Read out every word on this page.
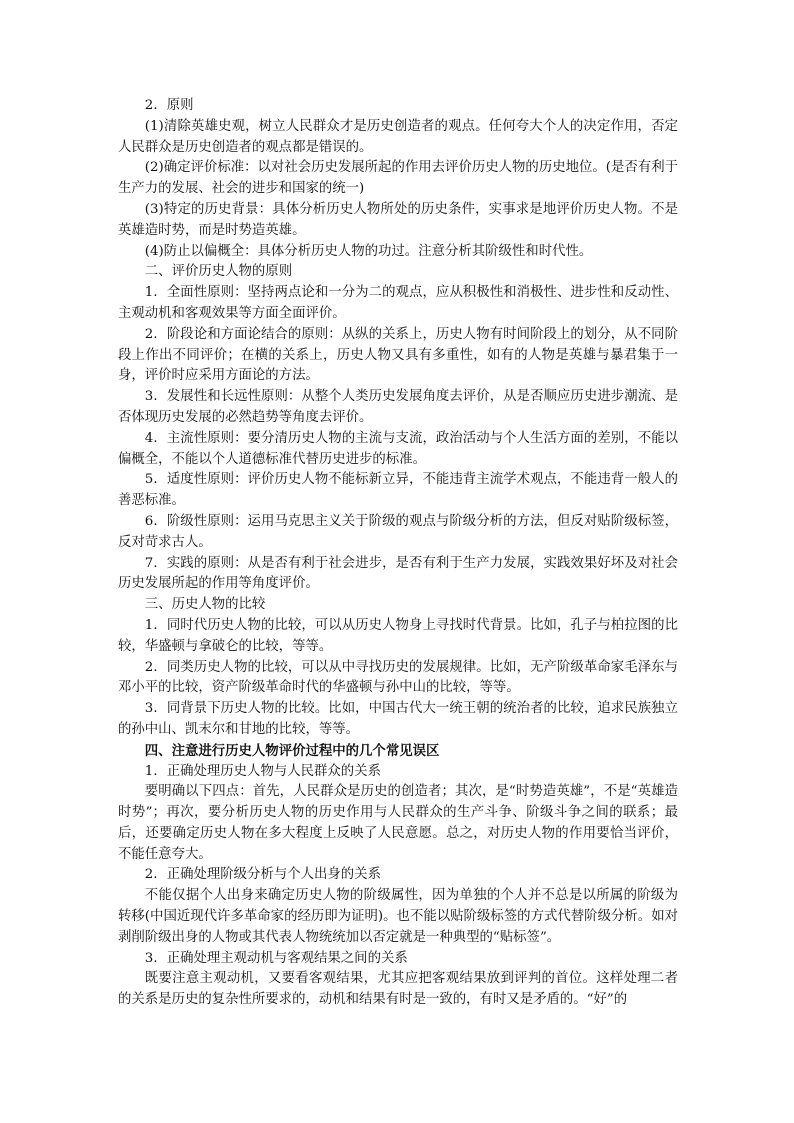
2．原则

(1)清除英雄史观，树立人民群众才是历史创造者的观点。任何夸大个人的决定作用，否定人民群众是历史创造者的观点都是错误的。

(2)确定评价标准：以对社会历史发展所起的作用去评价历史人物的历史地位。(是否有利于生产力的发展、社会的进步和国家的统一)

(3)特定的历史背景：具体分析历史人物所处的历史条件，实事求是地评价历史人物。不是英雄造时势，而是时势造英雄。

(4)防止以偏概全：具体分析历史人物的功过。注意分析其阶级性和时代性。

二、评价历史人物的原则

1．全面性原则：坚持两点论和一分为二的观点，应从积极性和消极性、进步性和反动性、主观动机和客观效果等方面全面评价。

2．阶段论和方面论结合的原则：从纵的关系上，历史人物有时间阶段上的划分，从不同阶段上作出不同评价；在横的关系上，历史人物又具有多重性，如有的人物是英雄与暴君集于一身，评价时应采用方面论的方法。

3．发展性和长远性原则：从整个人类历史发展角度去评价，从是否顺应历史进步潮流、是否体现历史发展的必然趋势等角度去评价。

4．主流性原则：要分清历史人物的主流与支流，政治活动与个人生活方面的差别，不能以偏概全，不能以个人道德标准代替历史进步的标准。

5．适度性原则：评价历史人物不能标新立异，不能违背主流学术观点，不能违背一般人的善恶标准。

6．阶级性原则：运用马克思主义关于阶级的观点与阶级分析的方法，但反对贴阶级标签，反对苛求古人。

7．实践的原则：从是否有利于社会进步，是否有利于生产力发展，实践效果好坏及对社会历史发展所起的作用等角度评价。

三、历史人物的比较

1．同时代历史人物的比较，可以从历史人物身上寻找时代背景。比如，孔子与柏拉图的比较，华盛顿与拿破仑的比较，等等。

2．同类历史人物的比较，可以从中寻找历史的发展规律。比如，无产阶级革命家毛泽东与邓小平的比较，资产阶级革命时代的华盛顿与孙中山的比较，等等。

3．同背景下历史人物的比较。比如，中国古代大一统王朝的统治者的比较，追求民族独立的孙中山、凯末尔和甘地的比较，等等。

四、注意进行历史人物评价过程中的几个常见误区

1．正确处理历史人物与人民群众的关系

要明确以下四点：首先，人民群众是历史的创造者；其次，是“时势造英雄”，不是“英雄造时势”；再次，要分析历史人物的历史作用与人民群众的生产斗争、阶级斗争之间的联系；最后，还要确定历史人物在多大程度上反映了人民意愿。总之，对历史人物的作用要恰当评价，不能任意夸大。

2．正确处理阶级分析与个人出身的关系

不能仅据个人出身来确定历史人物的阶级属性，因为单独的个人并不总是以所属的阶级为转移(中国近现代许多革命家的经历即为证明)。也不能以贴阶级标签的方式代替阶级分析。如对剥削阶级出身的人物或其代表人物统统加以否定就是一种典型的“贴标签”。

3．正确处理主观动机与客观结果之间的关系

既要注意主观动机，又要看客观结果，尤其应把客观结果放到评判的首位。这样处理二者的关系是历史的复杂性所要求的，动机和结果有时是一致的，有时又是矛盾的。“好”的
